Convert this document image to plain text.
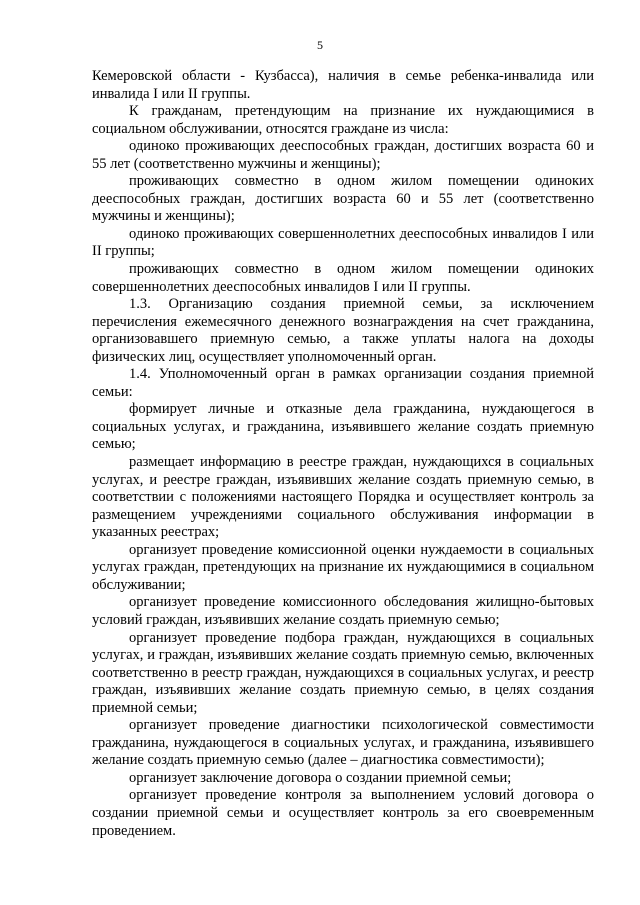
5

Кемеровской области - Кузбасса), наличия в семье ребенка-инвалида или инвалида I или II группы.

К гражданам, претендующим на признание их нуждающимися в социальном обслуживании, относятся граждане из числа:

одиноко проживающих дееспособных граждан, достигших возраста 60 и 55 лет (соответственно мужчины и женщины);

проживающих совместно в одном жилом помещении одиноких дееспособных граждан, достигших возраста 60 и 55 лет (соответственно мужчины и женщины);

одиноко проживающих совершеннолетних дееспособных инвалидов I или II группы;

проживающих совместно в одном жилом помещении одиноких совершеннолетних дееспособных инвалидов I или II группы.

1.3. Организацию создания приемной семьи, за исключением перечисления ежемесячного денежного вознаграждения на счет гражданина, организовавшего приемную семью, а также уплаты налога на доходы физических лиц, осуществляет уполномоченный орган.

1.4. Уполномоченный орган в рамках организации создания приемной семьи:

формирует личные и отказные дела гражданина, нуждающегося в социальных услугах, и гражданина, изъявившего желание создать приемную семью;

размещает информацию в реестре граждан, нуждающихся в социальных услугах, и реестре граждан, изъявивших желание создать приемную семью, в соответствии с положениями настоящего Порядка и осуществляет контроль за размещением учреждениями социального обслуживания информации в указанных реестрах;

организует проведение комиссионной оценки нуждаемости в социальных услугах граждан, претендующих на признание их нуждающимися в социальном обслуживании;

организует проведение комиссионного обследования жилищно-бытовых условий граждан, изъявивших желание создать приемную семью;

организует проведение подбора граждан, нуждающихся в социальных услугах, и граждан, изъявивших желание создать приемную семью, включенных соответственно в реестр граждан, нуждающихся в социальных услугах, и реестр граждан, изъявивших желание создать приемную семью, в целях создания приемной семьи;

организует проведение диагностики психологической совместимости гражданина, нуждающегося в социальных услугах, и гражданина, изъявившего желание создать приемную семью (далее – диагностика совместимости);

организует заключение договора о создании приемной семьи;

организует проведение контроля за выполнением условий договора о создании приемной семьи и осуществляет контроль за его своевременным проведением.
